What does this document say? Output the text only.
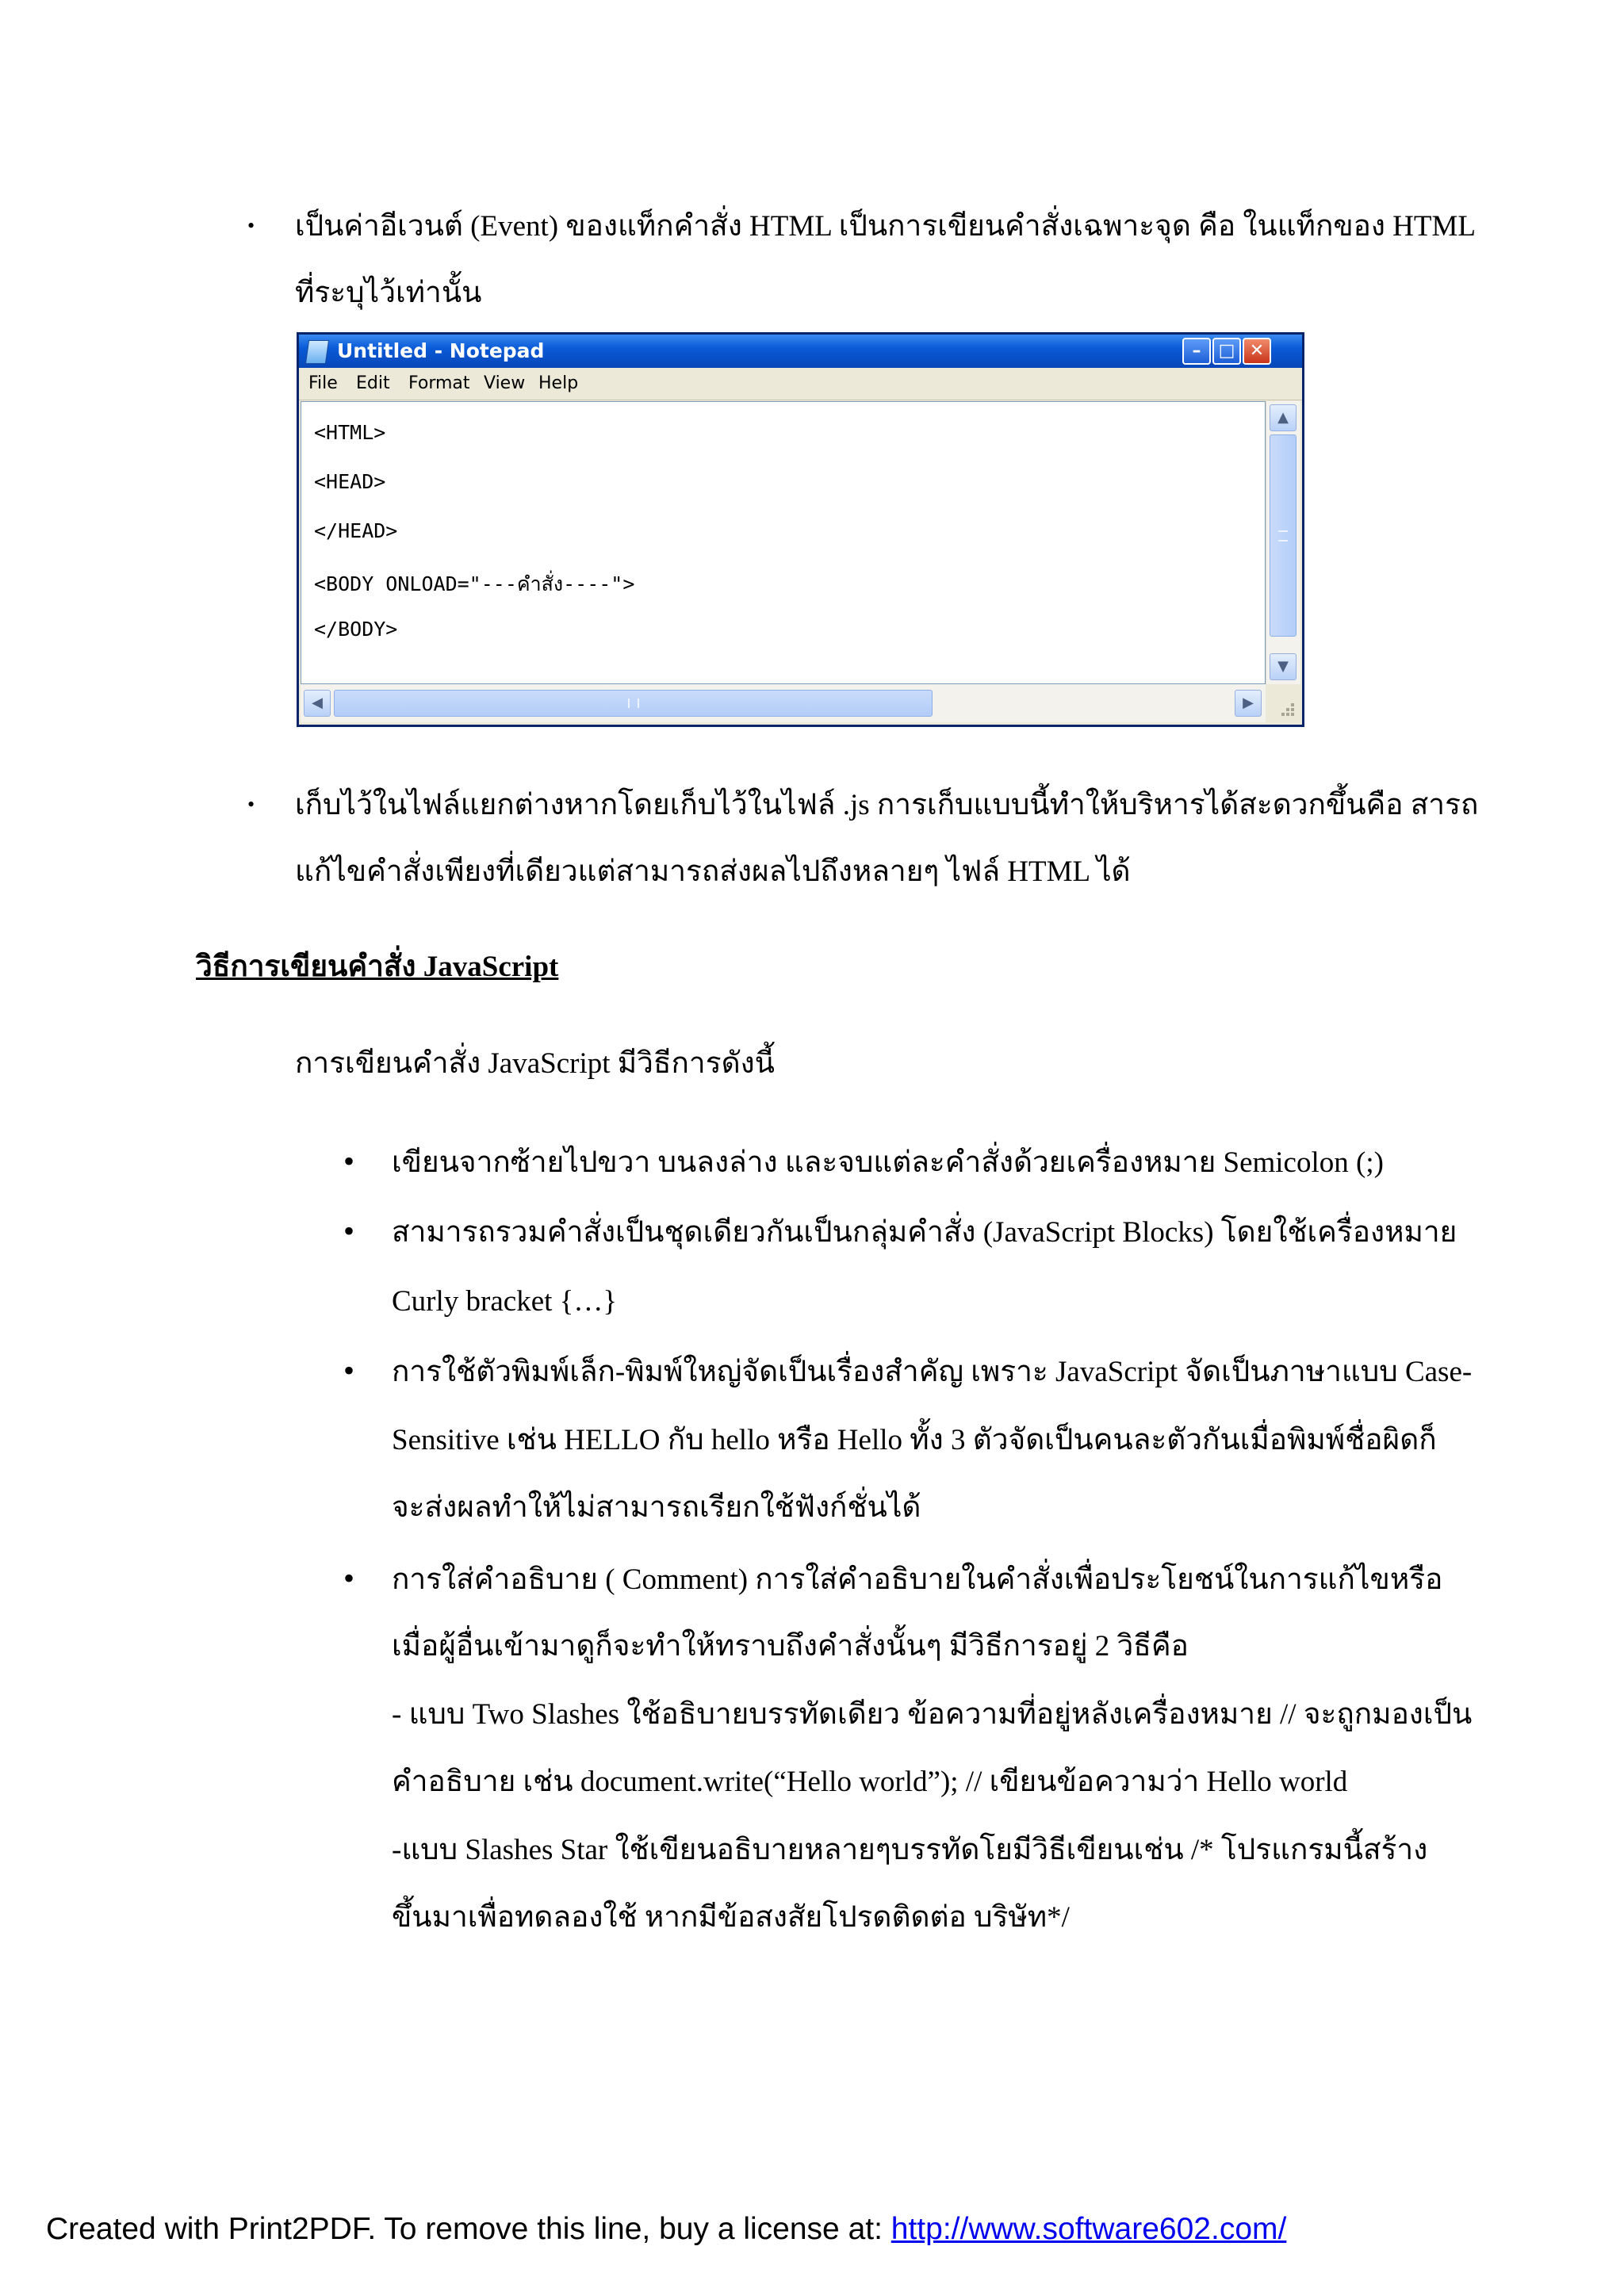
• เป็นค่าอีเวนต์ (Event) ของแท็กคำสั่ง HTML เป็นการเขียนคำสั่งเฉพาะจุด คือ ในแท็กของ HTML
ที่ระบุไว้เท่านั้น
Untitled - Notepad	–	□ ✕
File Edit Format View Help
<HTML>
<HEAD>
</HEAD>
<BODY ONLOAD="---คำสั่ง----">
</BODY>
▲
▼
◀	▶
• เก็บไว้ในไฟล์แยกต่างหากโดยเก็บไว้ในไฟล์ .js การเก็บแบบนี้ทำให้บริหารได้สะดวกขึ้นคือ สารถ
แก้ไขคำสั่งเพียงที่เดียวแต่สามารถส่งผลไปถึงหลายๆ ไฟล์ HTML ได้
วิธีการเขียนคำสั่ง JavaScript
การเขียนคำสั่ง JavaScript มีวิธีการดังนี้
• เขียนจากซ้ายไปขวา บนลงล่าง และจบแต่ละคำสั่งด้วยเครื่องหมาย Semicolon (;)
• สามารถรวมคำสั่งเป็นชุดเดียวกันเป็นกลุ่มคำสั่ง (JavaScript Blocks) โดยใช้เครื่องหมาย
Curly bracket {…}
• การใช้ตัวพิมพ์เล็ก-พิมพ์ใหญ่จัดเป็นเรื่องสำคัญ เพราะ JavaScript จัดเป็นภาษาแบบ Case-
Sensitive เช่น HELLO กับ hello หรือ Hello ทั้ง 3 ตัวจัดเป็นคนละตัวกันเมื่อพิมพ์ชื่อผิดก็
จะส่งผลทำให้ไม่สามารถเรียกใช้ฟังก์ชั่นได้
• การใส่คำอธิบาย ( Comment) การใส่คำอธิบายในคำสั่งเพื่อประโยชน์ในการแก้ไขหรือ
เมื่อผู้อื่นเข้ามาดูก็จะทำให้ทราบถึงคำสั่งนั้นๆ มีวิธีการอยู่ 2 วิธีคือ
- แบบ Two Slashes ใช้อธิบายบรรทัดเดียว ข้อความที่อยู่หลังเครื่องหมาย // จะถูกมองเป็น
คำอธิบาย เช่น document.write(“Hello world”); // เขียนข้อความว่า Hello world
-แบบ Slashes Star ใช้เขียนอธิบายหลายๆบรรทัดโยมีวิธีเขียนเช่น /* โปรแกรมนี้สร้าง
ขึ้นมาเพื่อทดลองใช้ หากมีข้อสงสัยโปรดติดต่อ บริษัท*/
Created with Print2PDF. To remove this line, buy a license at: http://www.software602.com/
